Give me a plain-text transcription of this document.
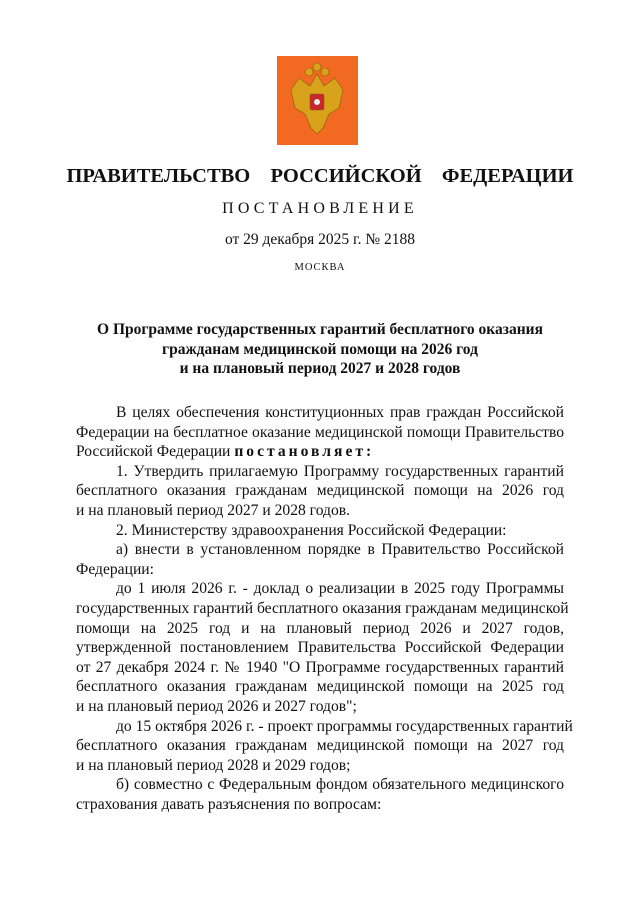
ПРАВИТЕЛЬСТВО  РОССИЙСКОЙ  ФЕДЕРАЦИИ
ПОСТАНОВЛЕНИЕ
от 29 декабря 2025 г. № 2188
МОСКВА
О Программе государственных гарантий бесплатного оказания
гражданам медицинской помощи на 2026 год
и на плановый период 2027 и 2028 годов
В целях обеспечения конституционных прав граждан Российской
Федерации на бесплатное оказание медицинской помощи Правительство
Российской Федерации постановляет:
1. Утвердить прилагаемую Программу государственных гарантий
бесплатного оказания гражданам медицинской помощи на 2026 год
и на плановый период 2027 и 2028 годов.
2. Министерству здравоохранения Российской Федерации:
а) внести в установленном порядке в Правительство Российской
Федерации:
до 1 июля 2026 г. - доклад о реализации в 2025 году Программы
государственных гарантий бесплатного оказания гражданам медицинской
помощи на 2025 год и на плановый период 2026 и 2027 годов,
утвержденной постановлением Правительства Российской Федерации
от 27 декабря 2024 г. № 1940 "О Программе государственных гарантий
бесплатного оказания гражданам медицинской помощи на 2025 год
и на плановый период 2026 и 2027 годов";
до 15 октября 2026 г. - проект программы государственных гарантий
бесплатного оказания гражданам медицинской помощи на 2027 год
и на плановый период 2028 и 2029 годов;
б) совместно с Федеральным фондом обязательного медицинского
страхования давать разъяснения по вопросам:
